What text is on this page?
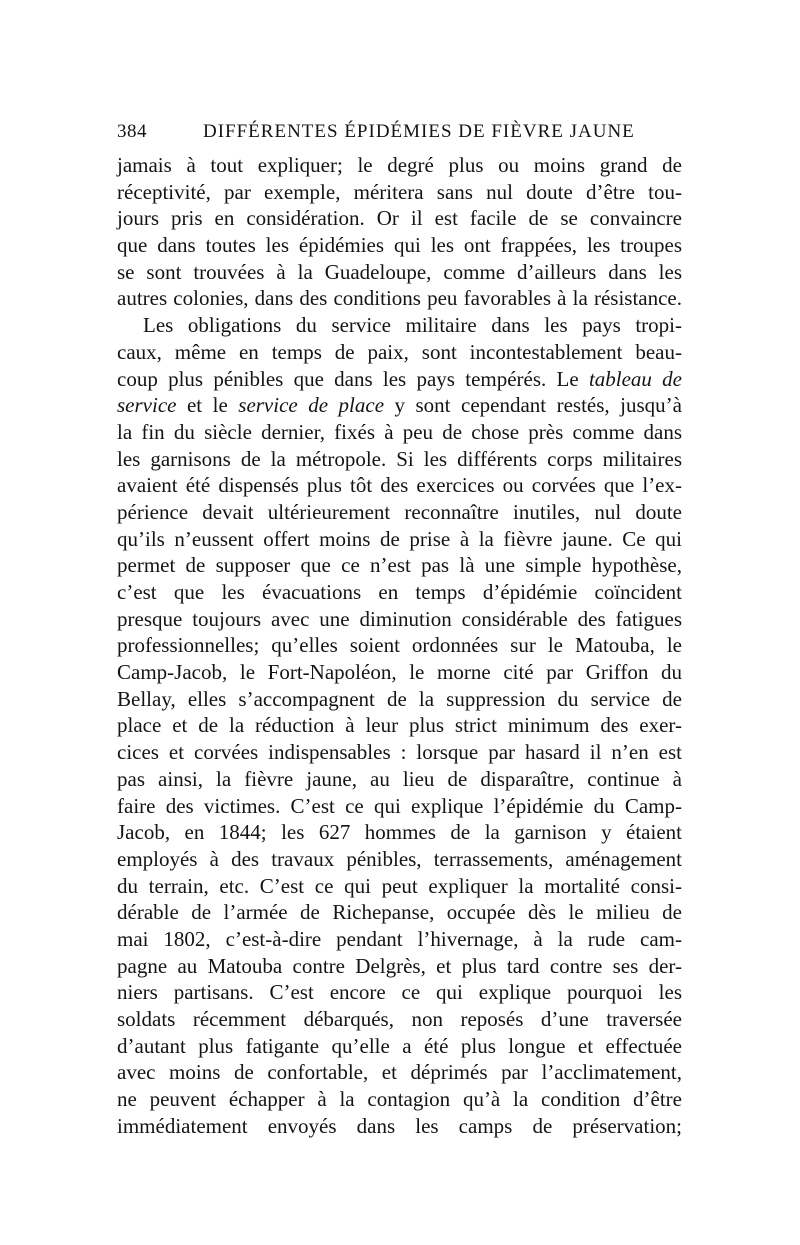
384	DIFFÉRENTES ÉPIDÉMIES DE FIÈVRE JAUNE
jamais à tout expliquer; le degré plus ou moins grand de
réceptivité, par exemple, méritera sans nul doute d’être tou-
jours pris en considération. Or il est facile de se convaincre
que dans toutes les épidémies qui les ont frappées, les troupes
se sont trouvées à la Guadeloupe, comme d’ailleurs dans les
autres colonies, dans des conditions peu favorables à la résistance.
Les obligations du service militaire dans les pays tropi-
caux, même en temps de paix, sont incontestablement beau-
coup plus pénibles que dans les pays tempérés. Le tableau de
service et le service de place y sont cependant restés, jusqu’à
la fin du siècle dernier, fixés à peu de chose près comme dans
les garnisons de la métropole. Si les différents corps militaires
avaient été dispensés plus tôt des exercices ou corvées que l’ex-
périence devait ultérieurement reconnaître inutiles, nul doute
qu’ils n’eussent offert moins de prise à la fièvre jaune. Ce qui
permet de supposer que ce n’est pas là une simple hypothèse,
c’est que les évacuations en temps d’épidémie coïncident
presque toujours avec une diminution considérable des fatigues
professionnelles; qu’elles soient ordonnées sur le Matouba, le
Camp-Jacob, le Fort-Napoléon, le morne cité par Griffon du
Bellay, elles s’accompagnent de la suppression du service de
place et de la réduction à leur plus strict minimum des exer-
cices et corvées indispensables : lorsque par hasard il n’en est
pas ainsi, la fièvre jaune, au lieu de disparaître, continue à
faire des victimes. C’est ce qui explique l’épidémie du Camp-
Jacob, en 1844; les 627 hommes de la garnison y étaient
employés à des travaux pénibles, terrassements, aménagement
du terrain, etc. C’est ce qui peut expliquer la mortalité consi-
dérable de l’armée de Richepanse, occupée dès le milieu de
mai 1802, c’est-à-dire pendant l’hivernage, à la rude cam-
pagne au Matouba contre Delgrès, et plus tard contre ses der-
niers partisans. C’est encore ce qui explique pourquoi les
soldats récemment débarqués, non reposés d’une traversée
d’autant plus fatigante qu’elle a été plus longue et effectuée
avec moins de confortable, et déprimés par l’acclimatement,
ne peuvent échapper à la contagion qu’à la condition d’être
immédiatement envoyés dans les camps de préservation;
